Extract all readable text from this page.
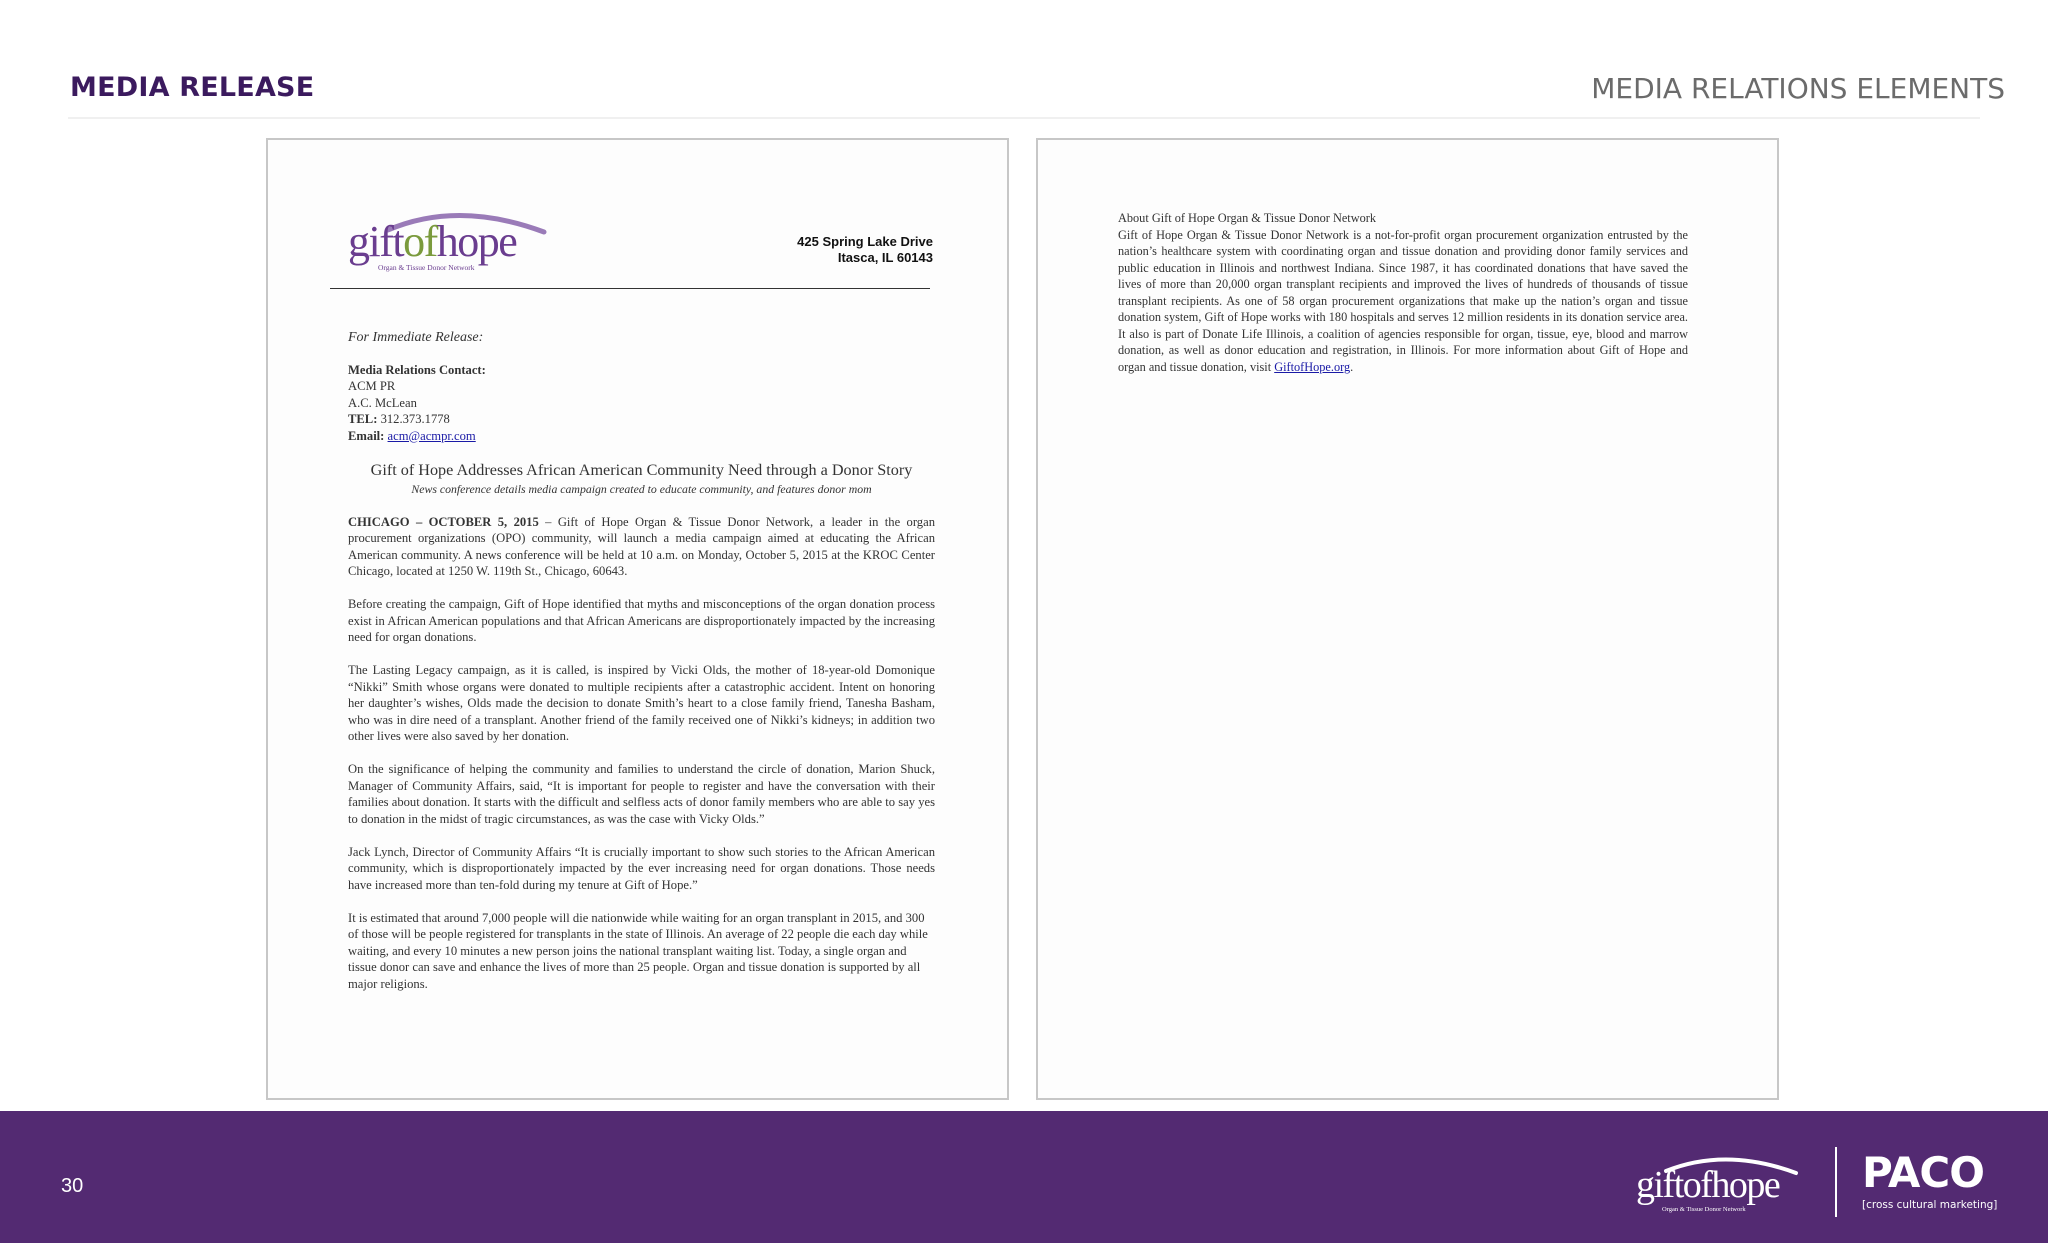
MEDIA RELEASE	MEDIA RELATIONS ELEMENTS
giftofhope
Organ & Tissue Donor Network
425 Spring Lake Drive
Itasca, IL 60143
For Immediate Release:
Media Relations Contact:
ACM PR
A.C. McLean
TEL: 312.373.1778
Email: acm@acmpr.com
Gift of Hope Addresses African American Community Need through a Donor Story
News conference details media campaign created to educate community, and features donor mom

CHICAGO – OCTOBER 5, 2015 – Gift of Hope Organ & Tissue Donor Network, a leader in the organ procurement organizations (OPO) community, will launch a media campaign aimed at educating the African American community. A news conference will be held at 10 a.m. on Monday, October 5, 2015 at the KROC Center Chicago, located at 1250 W. 119th St., Chicago, 60643.

Before creating the campaign, Gift of Hope identified that myths and misconceptions of the organ donation process exist in African American populations and that African Americans are disproportionately impacted by the increasing need for organ donations.

The Lasting Legacy campaign, as it is called, is inspired by Vicki Olds, the mother of 18-year-old Domonique “Nikki” Smith whose organs were donated to multiple recipients after a catastrophic accident. Intent on honoring her daughter’s wishes, Olds made the decision to donate Smith’s heart to a close family friend, Tanesha Basham, who was in dire need of a transplant. Another friend of the family received one of Nikki’s kidneys; in addition two other lives were also saved by her donation.

On the significance of helping the community and families to understand the circle of donation, Marion Shuck, Manager of Community Affairs, said, “It is important for people to register and have the conversation with their families about donation. It starts with the difficult and selfless acts of donor family members who are able to say yes to donation in the midst of tragic circumstances, as was the case with Vicky Olds.”

Jack Lynch, Director of Community Affairs “It is crucially important to show such stories to the African American community, which is disproportionately impacted by the ever increasing need for organ donations. Those needs have increased more than ten-fold during my tenure at Gift of Hope.”

It is estimated that around 7,000 people will die nationwide while waiting for an organ transplant in 2015, and 300 of those will be people registered for transplants in the state of Illinois. An average of 22 people die each day while waiting, and every 10 minutes a new person joins the national transplant waiting list. Today, a single organ and tissue donor can save and enhance the lives of more than 25 people. Organ and tissue donation is supported by all major religions.

About Gift of Hope Organ & Tissue Donor Network
Gift of Hope Organ & Tissue Donor Network is a not-for-profit organ procurement organization entrusted by the nation’s healthcare system with coordinating organ and tissue donation and providing donor family services and public education in Illinois and northwest Indiana. Since 1987, it has coordinated donations that have saved the lives of more than 20,000 organ transplant recipients and improved the lives of hundreds of thousands of tissue transplant recipients. As one of 58 organ procurement organizations that make up the nation’s organ and tissue donation system, Gift of Hope works with 180 hospitals and serves 12 million residents in its donation service area. It also is part of Donate Life Illinois, a coalition of agencies responsible for organ, tissue, eye, blood and marrow donation, as well as donor education and registration, in Illinois. For more information about Gift of Hope and organ and tissue donation, visit GiftofHope.org.
30	giftofhope
Organ & Tissue Donor Network
PACO
[cross cultural marketing]
